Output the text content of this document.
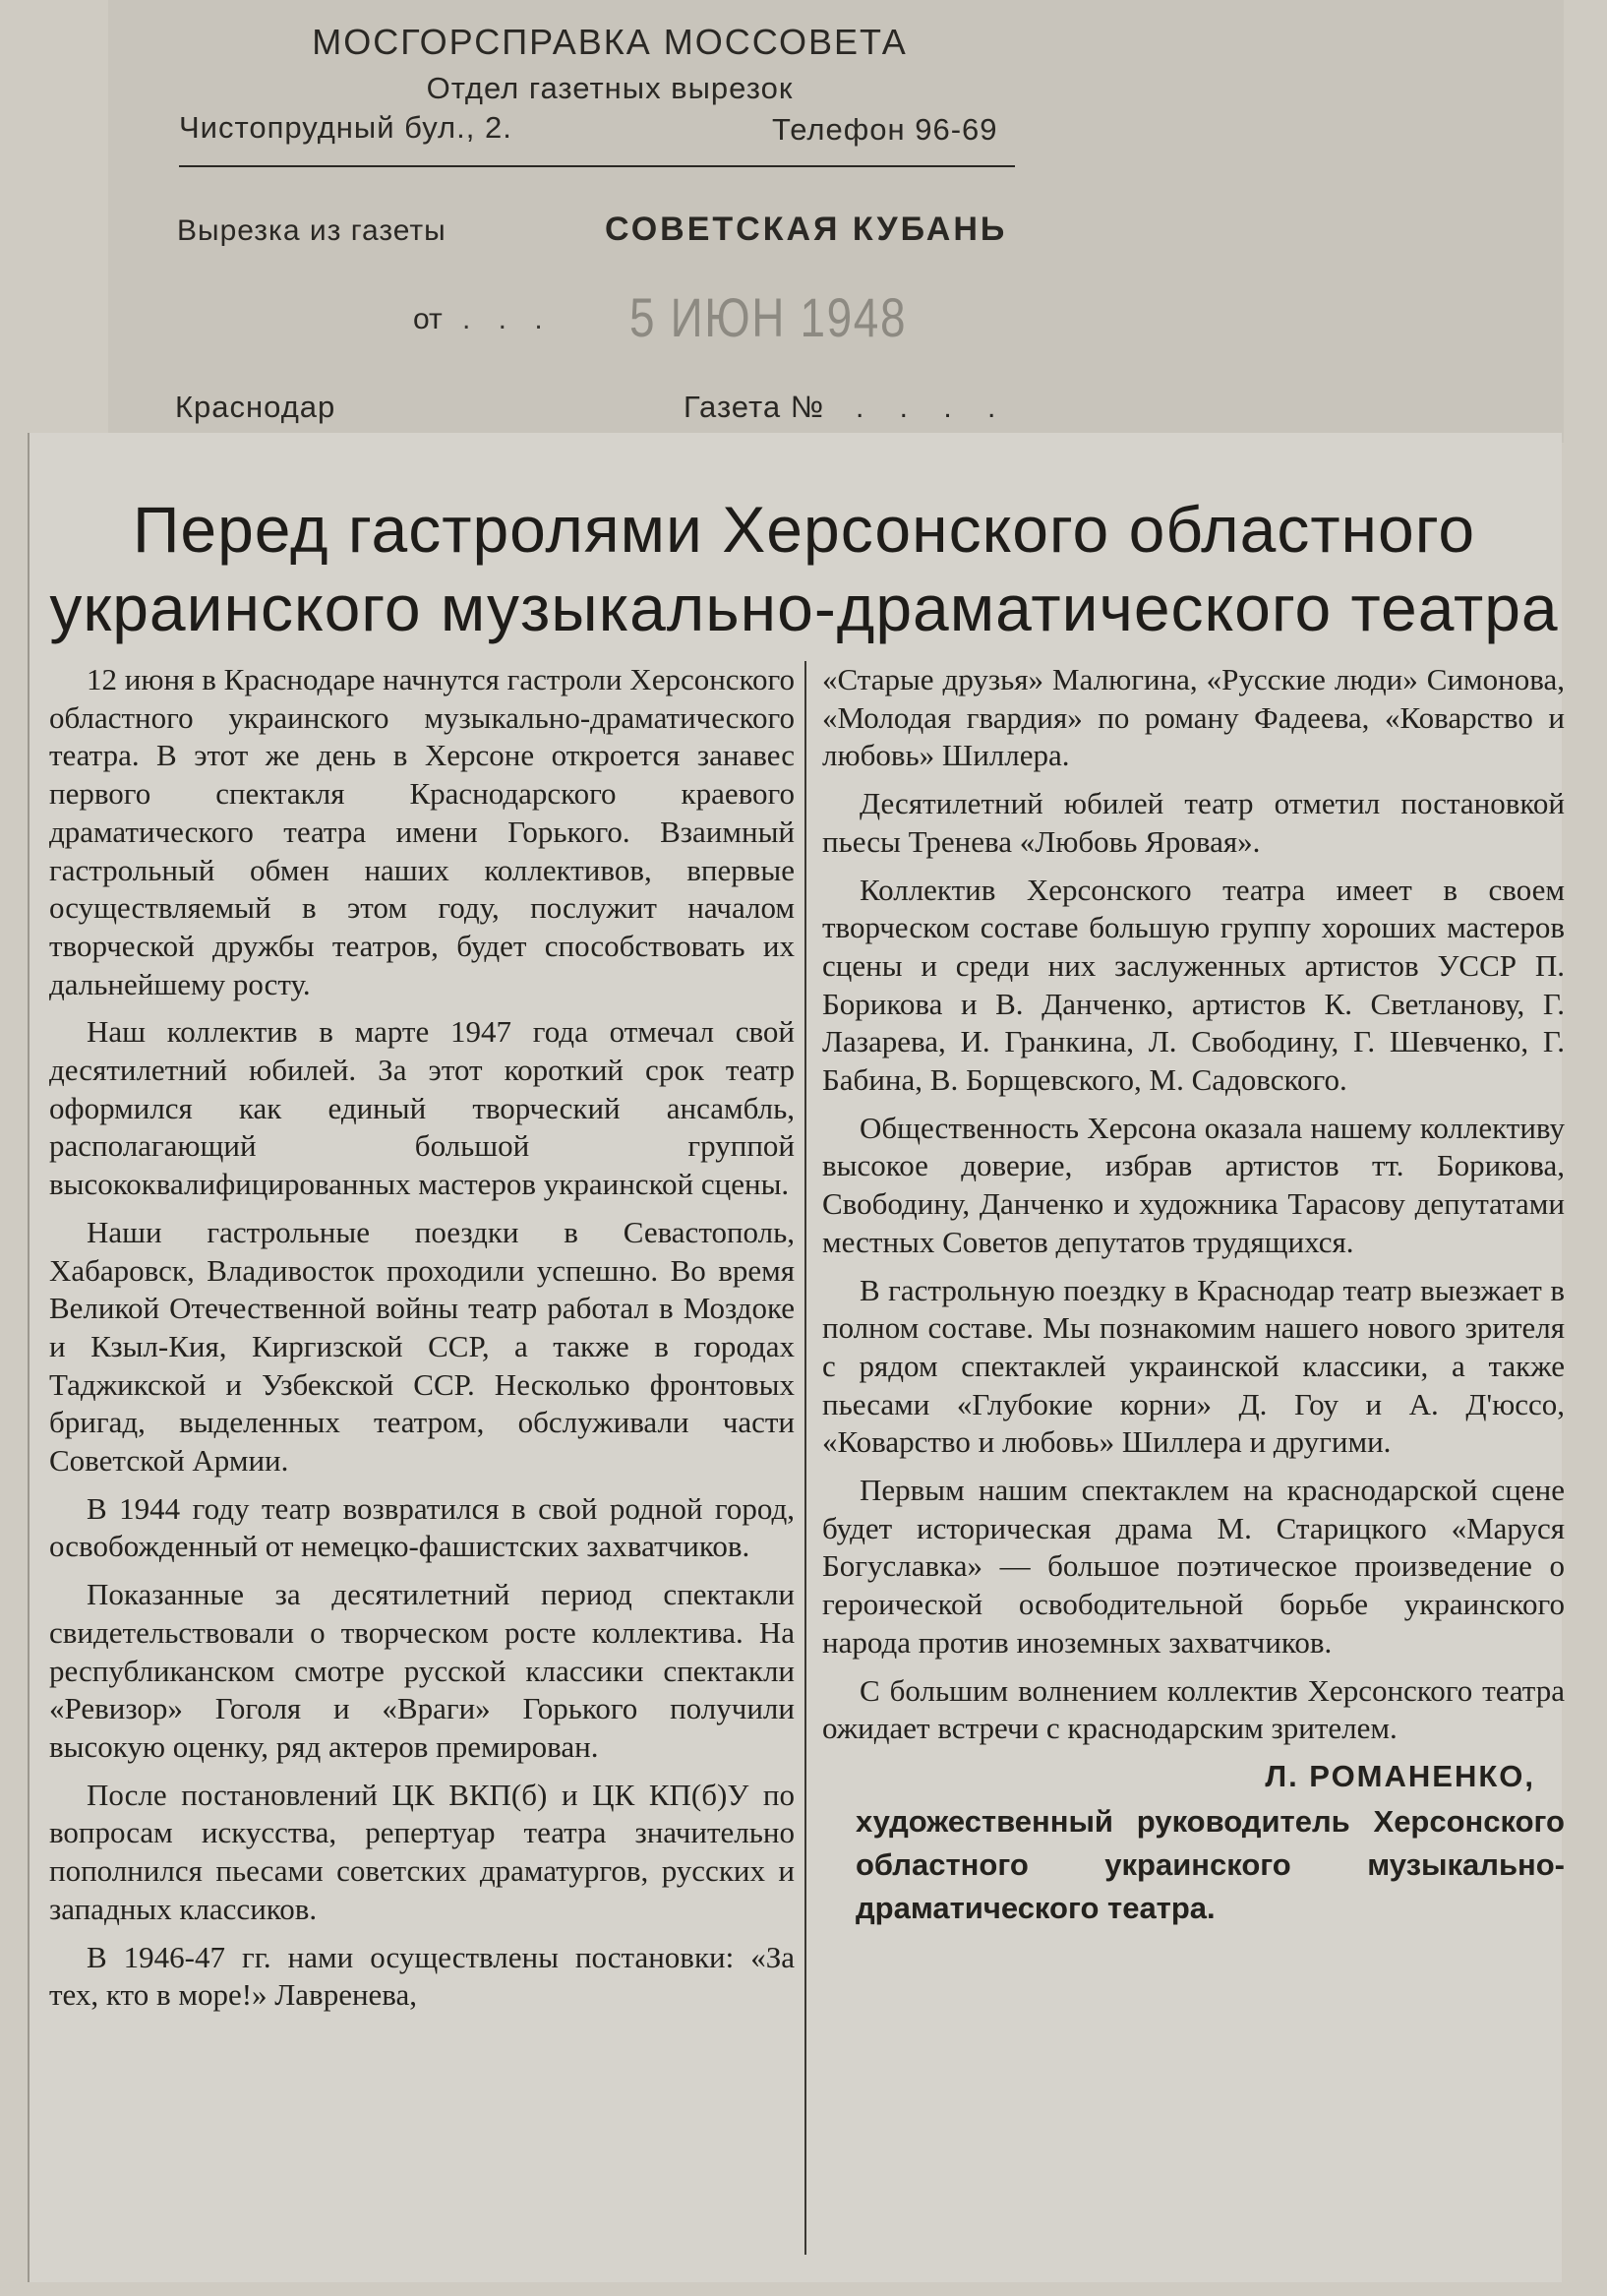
МОСГОРСПРАВКА МОССОВЕТА
Отдел газетных вырезок
Чистопрудный бул., 2.	Телефон 96-69
Вырезка из газеты	СОВЕТСКАЯ КУБАНЬ
от . . . 5 ИЮН 1948
Краснодар	Газета № . . . .
Перед гастролями Херсонского областного украинского музыкально-драматического театра

12 июня в Краснодаре начнутся гастроли Херсонского областного украинского музыкально-драматического театра. В этот же день в Херсоне откроется занавес первого спектакля Краснодарского краевого драматического театра имени Горького. Взаимный гастрольный обмен наших коллективов, впервые осуществляемый в этом году, послужит началом творческой дружбы театров, будет способствовать их дальнейшему росту.

Наш коллектив в марте 1947 года отмечал свой десятилетний юбилей. За этот короткий срок театр оформился как единый творческий ансамбль, располагающий большой группой высококвалифицированных мастеров украинской сцены.

Наши гастрольные поездки в Севастополь, Хабаровск, Владивосток проходили успешно. Во время Великой Отечественной войны театр работал в Моздоке и Кзыл-Кия, Киргизской ССР, а также в городах Таджикской и Узбекской ССР. Несколько фронтовых бригад, выделенных театром, обслуживали части Советской Армии.

В 1944 году театр возвратился в свой родной город, освобожденный от немецко-фашистских захватчиков.

Показанные за десятилетний период спектакли свидетельствовали о творческом росте коллектива. На республиканском смотре русской классики спектакли «Ревизор» Гоголя и «Враги» Горького получили высокую оценку, ряд актеров премирован.

После постановлений ЦК ВКП(б) и ЦК КП(б)У по вопросам искусства, репертуар театра значительно пополнился пьесами советских драматургов, русских и западных классиков.

В 1946-47 гг. нами осуществлены постановки: «За тех, кто в море!» Лавренева,

«Старые друзья» Малюгина, «Русские люди» Симонова, «Молодая гвардия» по роману Фадеева, «Коварство и любовь» Шиллера.

Десятилетний юбилей театр отметил постановкой пьесы Тренева «Любовь Яровая».

Коллектив Херсонского театра имеет в своем творческом составе большую группу хороших мастеров сцены и среди них заслуженных артистов УССР П. Борикова и В. Данченко, артистов К. Светланову, Г. Лазарева, И. Гранкина, Л. Свободину, Г. Шевченко, Г. Бабина, В. Борщевского, М. Садовского.

Общественность Херсона оказала нашему коллективу высокое доверие, избрав артистов тт. Борикова, Свободину, Данченко и художника Тарасову депутатами местных Советов депутатов трудящихся.

В гастрольную поездку в Краснодар театр выезжает в полном составе. Мы познакомим нашего нового зрителя с рядом спектаклей украинской классики, а также пьесами «Глубокие корни» Д. Гоу и А. Д'юссо, «Коварство и любовь» Шиллера и другими.

Первым нашим спектаклем на краснодарской сцене будет историческая драма М. Старицкого «Маруся Богуславка» — большое поэтическое произведение о героической освободительной борьбе украинского народа против иноземных захватчиков.

С большим волнением коллектив Херсонского театра ожидает встречи с краснодарским зрителем.

Л. РОМАНЕНКО,
художественный руководитель Херсонского областного украинского музыкально-драматического театра.
